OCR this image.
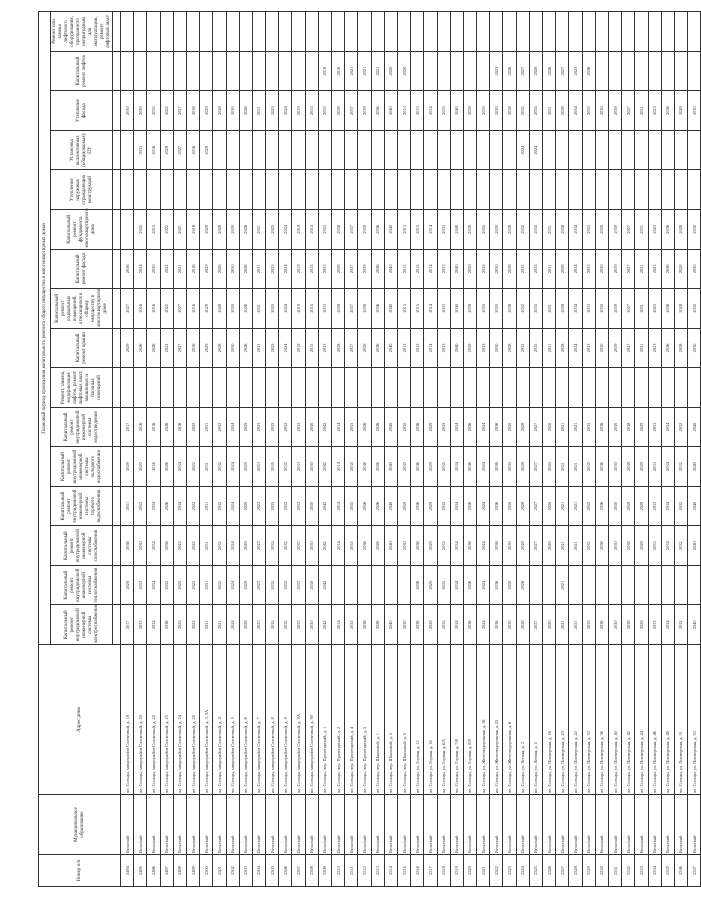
Номер п/п	Муниципальное образование	Адрес дома	Плановый период проведения капитального ремонта общего имущества в многоквартирных домах															
			Капитальный ремонт внутридомовой инженерной системы электроснабжения	Капитальный ремонт внутридомовой инженерной системы теплоснабжения	Капитальный ремонт внутридомовой инженерной системы газоснабжения	Капитальный ремонт внутридомовой инженерной системы горячего водоснабжения	Капитальный ремонт внутридомовой инженерной системы холодного водоснабжения	Капитальный ремонт внутридомовой инженерной системы водоотведения	Ремонт, замена, модернизация лифтов, ремонт лифтовых шахт, машинных и блочных помещений	Капитальный ремонт крыши	Капитальный ремонт подвальных помещений, относящихся к общему имуществу в многоквартирном доме	Капитальный ремонт фасада	Капитальный ремонт фундамента многоквартирного дома	Утепление наружных ограждающих конструкций	Установка коллективных (общедомовых) ПУ	Утепление фасада	Капитальный ремонт лифтов	Ремонт или замена лифтового оборудования, признанного непригодным для эксплуатации, ремонт лифтовых шахт

2494	Вельский	пл. Сольцы, микрорайон Солнечный, д. 18	2017	2020	2036	2031	2029	2017		2029	2027	2036				2030		
2495	Вельский	пл. Сольцы, микрорайон Солнечный, д. 20	2033	2033	2030	2032	2020	2016		2026	2016	2034	2035		2033	2020		
2496	Вельский	пл. Сольцы, микрорайон Солнечный, д. 22	2034	2034	2034	2034	2016	2016		2026	2016	2030	2015		2016	2035		
2497	Вельский	пл. Сольцы, микрорайон Солнечный, д. 23	2036	2032	2036	2026	2026	2026		2022	2022	2022	2022		2029	2022		
2498	Вельский	пл. Сольцы, микрорайон Солнечный, д. 24	2025	2025	2025	2034	2034	2016		2027	2027	2021	2021		2027	2027		
2499	Вельский	пл. Сольцы, микрорайон Солнечный, д. 25	2022	2022	2022	2022	2022	2022		2016	2016	2016	2016		2016	2016		
2500	Вельский	пл. Сольцы, микрорайон Солнечный, д. 3, 3А	2031	2031	2031	2031	2031	2031		2029	2029	2029	2029		2029	2029		
2501	Вельский	пл. Сольцы, микрорайон Солнечный, д. 4	2021	2032	2032	2032	2032	2032		2028	2028	2028	2028			2028		
2502	Вельский	пл. Сольцы, микрорайон Солнечный, д. 5	2024	2024	2024	2024	2024	2024		2030	2030	2030	2030			2030		
2503	Вельский	пл. Сольцы, микрорайон Солнечный, д. 6	2029	2029	2029	2029	2029	2029		2026	2026	2026	2026			2026		
2504	Вельский	пл. Сольцы, микрорайон Солнечный, д. 7	2023	2023	2023	2023	2023	2023		2031	2031	2031	2031			2031		
2505	Вельский	пл. Сольцы, микрорайон Солнечный, д. 8	2035	2035	2035	2035	2035	2035		2025	2025	2025	2025			2025		
2506	Вельский	пл. Сольцы, микрорайон Солнечный, д. 9	2032	2032	2032	2032	2032	2032		2024	2024	2024	2024			2024		
2507	Вельский	пл. Сольцы, микрорайон Солнечный, д. 9А	2033	2033	2033	2033	2033	2033		2019	2019	2019	2019			2019		
2508	Вельский	пл. Сольцы, микрорайон Солнечный, д. 90	2030	2030	2030	2030	2030	2030		2015	2015	2015	2015			2015		
2509	Вельский	пл. Сольцы, пер. Пролетарский, д. 1	2042	2042	2042	2042	2042	2042		2033	2033	2033	2033			2033	2018	
2510	Вельский	пл. Сольцы, пер. Пролетарский, д. 2	2014		2014	2014	2014	2014		2038	2038	2038	2038			2038	2016	
2511	Вельский	пл. Сольцы, пер. Пролетарский, д. 4	2035		2035	2035	2035	2035		2037	2037	2037	2037			2037	2021	
2512	Вельский	пл. Сольцы, пер. Пролетарский, д. 5	2036		2036	2036	2036	2036		2039	2039	2039	2039			2039	2021	
2513	Вельский	пл. Сольцы, пер. Школьный, д. 1	2026		2026	2026	2026	2026		2036	2036	2036	2036			2036	2021	
2514	Вельский	пл. Сольцы, пер. Школьный, д. 3	2040		2040	2040	2040	2040		2040	2040	2040	2040			2040	2020	
2515	Вельский	пл. Сольцы, пер. Школьный, д. 5	2030		2030	2030	2030	2030		2013	2013	2013	2013			2013	2020	
2516	Вельский	пл. Сольцы, ул. Горная, д. 15	2036	2036	2036	2036	2036	2036		2015	2015	2015	2015			2015		
2517	Вельский	пл. Сольцы, ул. Горная, д. 16	2029	2029	2029	2029	2029	2029		2014	2014	2014	2014			2014		
2518	Вельский	пл. Сольцы, ул. Горная, д. 6/5	2035	2035	2035	2035	2035	2035		2033	2033	2033	2033			2033		
2519	Вельский	пл. Сольцы, ул. Горная, д. 7/8	2034	2034	2034	2034	2034	2034		2040	2040	2040	2040			2040		
2520	Вельский	пл. Сольцы, ул. Горная, д. 8/9	2036	2036	2036	2036	2036	2036		2039	2039	2039	2039			2039		
2521	Вельский	пл. Сольцы, ул. Железнодорожная, д. 16	2024	2024	2024	2024	2024	2024		2035	2035	2035	2035			2035		
2522	Вельский	пл. Сольцы, ул. Железнодорожная, д. 22	2036	2036	2036	2036	2036	2036		2030	2030	2030	2030			2030	2023	
2523	Вельский	пл. Сольцы, ул. Железнодорожная, д. 6	2030	2030	2030	2030	2030	2030		2038	2038	2038	2038			2038	2026	
2524	Вельский	пл. Сольцы, ул. Лесная, д. 3	2028	2028	2028	2028	2028	2028		2032	2032	2032	2032		2024	2032	2027	
2525	Вельский	пл. Сольцы, ул. Лесная, д. 5	2027		2027	2027	2027	2027		2035	2035	2035	2035		2024	2035	2020	
2526	Вельский	пл. Сольцы, ул. Пионерская, д. 16	2020		2020	2020	2020	2020		2031	2031	2031	2031			2031	2026	
2527	Вельский	пл. Сольцы, ул. Пионерская, д. 20	2021	2021	2021	2021	2021	2021		2038	2038	2038	2038			2038	2027	
2528	Вельский	пл. Сольцы, ул. Пионерская, д. 22	2021		2021	2021	2021	2021		2034	2034	2034	2034			2034	2023	
2529	Вельский	пл. Сольцы, ул. Пионерская, д. 33	2035		2035	2035	2035	2035		2033	2033	2033	2033			2033	2036	
2530	Вельский	пл. Сольцы, ул. Пионерская, д. 36	2036		2036	2036	2036	2036		2030	2030	2030	2030			2030		
2531	Вельский	пл. Сольцы, ул. Пионерская, д. 40	2030		2030	2030	2030	2030		2039	2039	2039	2039			2039		
2532	Вельский	пл. Сольцы, ул. Пионерская, д. 42	2038		2038	2038	2038	2038		2027	2027	2027	2027			2027		
2533	Вельский	пл. Сольцы, ул. Пионерская, д. 44	2029		2029	2029	2029	2029		2031	2031	2031	2031			2031		
2534	Вельский	пл. Сольцы, ул. Пионерская, д. 46	2033		2033	2033	2033	2033		2023	2023	2023	2023			2023		
2535	Вельский	пл. Сольцы, ул. Пионерская, д. 49	2034		2034	2034	2034	2034		2036	2036	2036	2036			2036		
2536	Вельский	пл. Сольцы, ул. Пионерская, д. 51	2032		2032	2032	2032	2032		2028	2028	2028	2028			2028		
2537	Вельский	пл. Сольцы, ул. Пионерская, д. 53	2040		2040	2040	2040	2040		2030	2030	2030	2030			2030		
